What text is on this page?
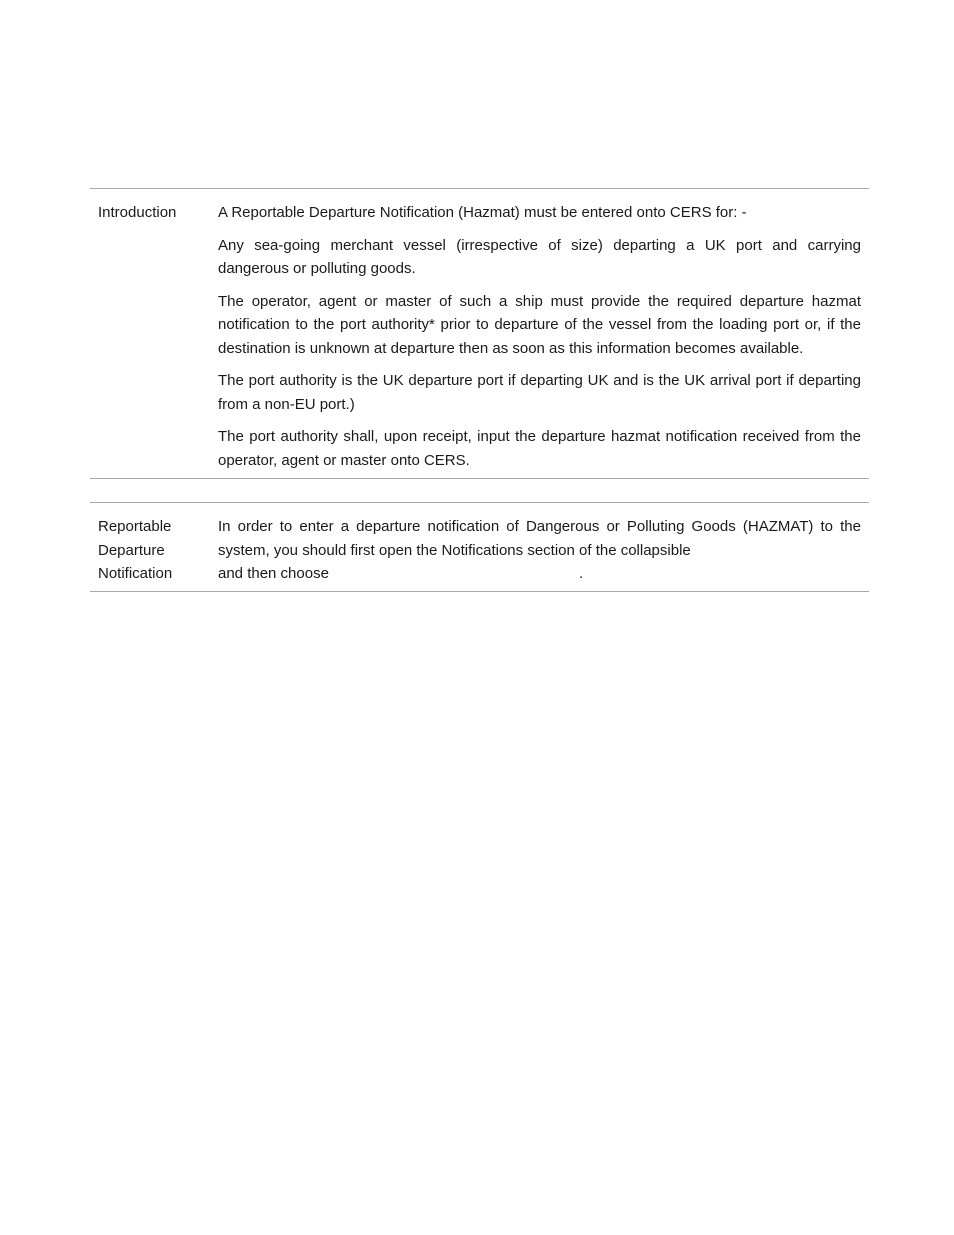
Introduction	A Reportable Departure Notification (Hazmat) must be entered onto CERS for: -

Any sea-going merchant vessel (irrespective of size) departing a UK port and carrying dangerous or polluting goods.

The operator, agent or master of such a ship must provide the required departure hazmat notification to the port authority* prior to departure of the vessel from the loading port or, if the destination is unknown at departure then as soon as this information becomes available.

The port authority is the UK departure port if departing UK and is the UK arrival port if departing from a non-EU port.)

The port authority shall, upon receipt, input the departure hazmat notification received from the operator, agent or master onto CERS.

Reportable
Departure
Notification

In order to enter a departure notification of Dangerous or Polluting Goods (HAZMAT) to the system, you should first open the Notifications section of the collapsible
and then choose	.
